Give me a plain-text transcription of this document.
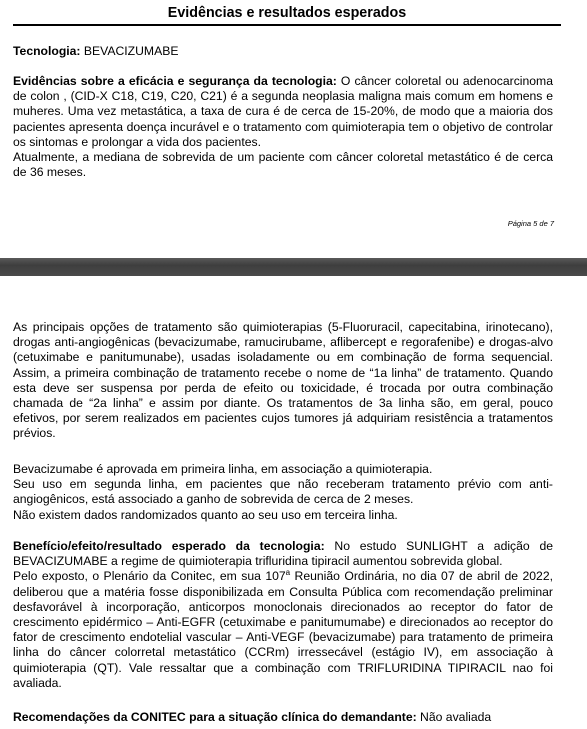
Evidências e resultados esperados

Tecnologia: BEVACIZUMABE

Evidências sobre a eficácia e segurança da tecnologia: O câncer coloretal ou adenocarcinoma de colon , (CID-X C18, C19, C20, C21) é a segunda neoplasia maligna mais comum em homens e muheres. Uma vez metastática, a taxa de cura é de cerca de 15-20%, de modo que a maioria dos pacientes apresenta doença incurável e o tratamento com quimioterapia tem o objetivo de controlar os sintomas e prolongar a vida dos pacientes.

Atualmente, a mediana de sobrevida de um paciente com câncer coloretal metastático é de cerca de 36 meses.

Página 5 de 7

As principais opções de tratamento são quimioterapias (5-Fluoruracil, capecitabina, irinotecano), drogas anti-angiogênicas (bevacizumabe, ramucirubame, aflibercept e regorafenibe) e drogas-alvo (cetuximabe e panitumunabe), usadas isoladamente ou em combinação de forma sequencial. Assim, a primeira combinação de tratamento recebe o nome de “1a linha” de tratamento. Quando esta deve ser suspensa por perda de efeito ou toxicidade, é trocada por outra combinação chamada de “2a linha” e assim por diante. Os tratamentos de 3a linha são, em geral, pouco efetivos, por serem realizados em pacientes cujos tumores já adquiriam resistência a tratamentos prévios.

Bevacizumabe é aprovada em primeira linha, em associação a quimioterapia.

Seu uso em segunda linha, em pacientes que não receberam tratamento prévio com anti-angiogênicos, está associado a ganho de sobrevida de cerca de 2 meses.

Não existem dados randomizados quanto ao seu uso em terceira linha.

Benefício/efeito/resultado esperado da tecnologia: No estudo SUNLIGHT a adição de BEVACIZUMABE a regime de quimioterapia trifluridina tipiracil aumentou sobrevida global.

Pelo exposto, o Plenário da Conitec, em sua 107$^a$ Reunião Ordinária, no dia 07 de abril de 2022, deliberou que a matéria fosse disponibilizada em Consulta Pública com recomendação preliminar desfavorável à incorporação, anticorpos monoclonais direcionados ao receptor do fator de crescimento epidérmico – Anti-EGFR (cetuximabe e panitumumabe) e direcionados ao receptor do fator de crescimento endotelial vascular – Anti-VEGF (bevacizumabe) para tratamento de primeira linha do câncer colorretal metastático (CCRm) irressecável (estágio IV), em associação à quimioterapia (QT). Vale ressaltar que a combinação com TRIFLURIDINA TIPIRACIL nao foi avaliada.

Recomendações da CONITEC para a situação clínica do demandante: Não avaliada
